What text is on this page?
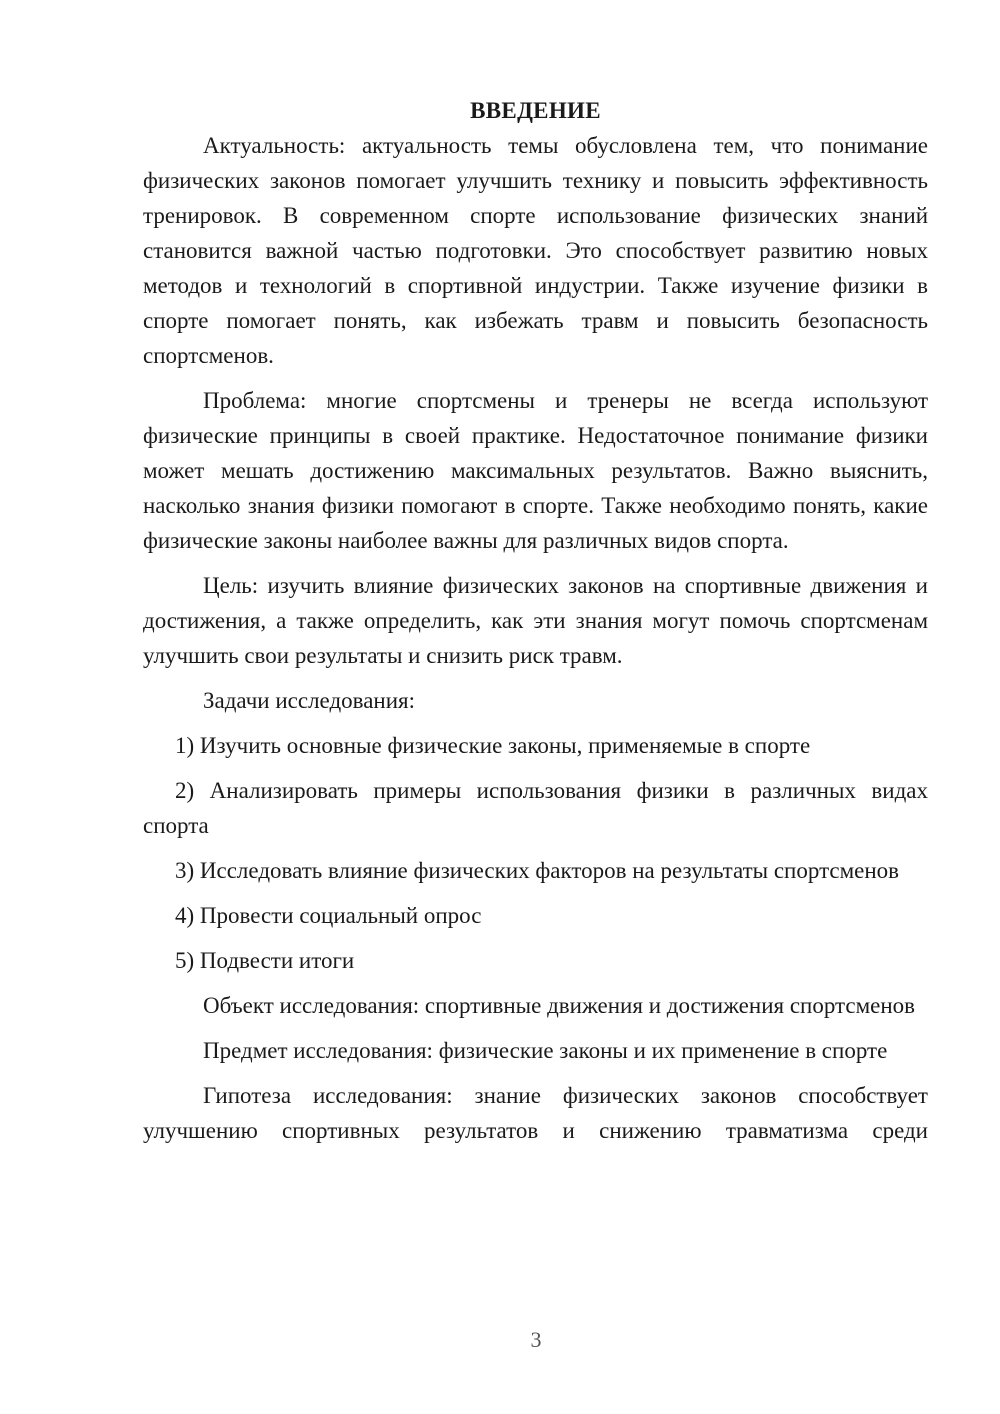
ВВЕДЕНИЕ

Актуальность: актуальность темы обусловлена тем, что понимание физических законов помогает улучшить технику и повысить эффективность тренировок. В современном спорте использование физических знаний становится важной частью подготовки. Это способствует развитию новых методов и технологий в спортивной индустрии. Также изучение физики в спорте помогает понять, как избежать травм и повысить безопасность спортсменов.

Проблема: многие спортсмены и тренеры не всегда используют физические принципы в своей практике. Недостаточное понимание физики может мешать достижению максимальных результатов. Важно выяснить, насколько знания физики помогают в спорте. Также необходимо понять, какие физические законы наиболее важны для различных видов спорта.

Цель: изучить влияние физических законов на спортивные движения и достижения, а также определить, как эти знания могут помочь спортсменам улучшить свои результаты и снизить риск травм.

Задачи исследования:

1) Изучить основные физические законы, применяемые в спорте

2) Анализировать примеры использования физики в различных видах спорта

3) Исследовать влияние физических факторов на результаты спортсменов

4) Провести социальный опрос

5) Подвести итоги

Объект исследования: спортивные движения и достижения спортсменов

Предмет исследования: физические законы и их применение в спорте

Гипотеза исследования: знание физических законов способствует улучшению спортивных результатов и снижению травматизма среди

3
